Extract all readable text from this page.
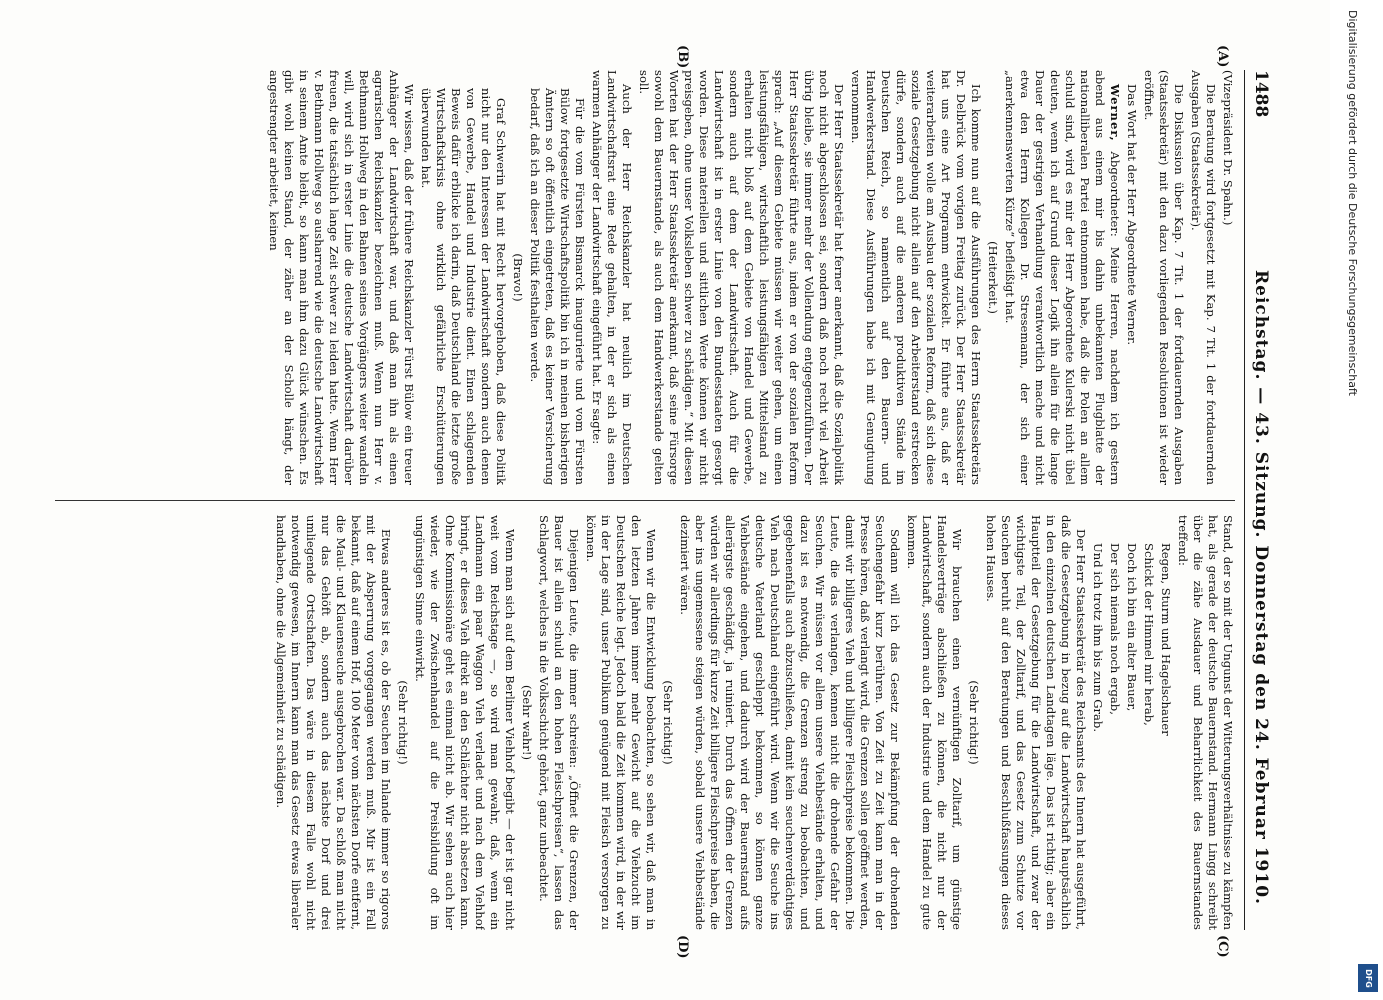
1488
Reichstag. — 43. Sitzung. Donnerstag den 24. Februar 1910.
(A)
(B)
(C)
(D)

(Vizepräsident Dr. Spahn.)

Die Beratung wird fortgesetzt mit Kap. 7 Tit. 1 der fortdauernden Ausgaben (Staatssekretär).

Die Diskussion über Kap. 7 Tit. 1 der fortdauernden Ausgaben (Staatssekretär) mit den dazu vorliegenden Resolutionen ist wieder eröffnet.

Das Wort hat der Herr Abgeordnete Werner.

Werner, Abgeordneter: Meine Herren, nachdem ich gestern abend aus einem mir bis dahin unbekannten Flugblatte der nationalliberalen Partei entnommen habe, daß die Polen an allem schuld sind, wird es mir der Herr Abgeordnete Kulerski nicht übel deuten, wenn ich auf Grund dieser Logik ihn allein für die lange Dauer der gestrigen Verhandlung verantwortlich mache und nicht etwa den Herrn Kollegen Dr. Stresemann, der sich einer „anerkennenswerten Kürze“ befleißigt hat.

(Heiterkeit.)

Ich komme nun auf die Ausführungen des Herrn Staatssekretärs Dr. Delbrück vom vorigen Freitag zurück. Der Herr Staatssekretär hat uns eine Art Programm entwickelt. Er führte aus, daß er weiterarbeiten wolle am Ausbau der sozialen Reform, daß sich diese soziale Gesetzgebung nicht allein auf den Arbeiterstand erstrecken dürfe, sondern auch auf die anderen produktiven Stände im Deutschen Reich, so namentlich auf den Bauern- und Handwerkerstand. Diese Ausführungen habe ich mit Genugtuung vernommen.

Der Herr Staatssekretär hat ferner anerkannt, daß die Sozialpolitik noch nicht abgeschlossen sei, sondern daß noch recht viel Arbeit übrig bleibe, sie immer mehr der Vollendung entgegenzuführen. Der Herr Staatssekretär führte aus, indem er von der sozialen Reform sprach: „Auf diesem Gebiete müssen wir weiter gehen, um einen leistungsfähigen, wirtschaftlich leistungsfähigen Mittelstand zu erhalten nicht bloß auf dem Gebiete von Handel und Gewerbe, sondern auch auf dem der Landwirtschaft. Auch für die Landwirtschaft ist in erster Linie von den Bundesstaaten gesorgt worden. Diese materiellen und sittlichen Werte können wir nicht preisgeben, ohne unser Volksleben schwer zu schädigen.“ Mit diesen Worten hat der Herr Staatssekretär anerkannt, daß seine Fürsorge sowohl dem Bauernstande, als auch dem Handwerkerstande gelten soll.

Auch der Herr Reichskanzler hat neulich im Deutschen Landwirtschaftsrat eine Rede gehalten, in der er sich als einen warmen Anhänger der Landwirtschaft eingeführt hat. Er sagte:

Für die vom Fürsten Bismarck inaugurierte und vom Fürsten Bülow fortgesetzte Wirtschaftspolitik bin ich in meinen bisherigen Ämtern so oft öffentlich eingetreten, daß es keiner Versicherung bedarf, daß ich an dieser Politik festhalten werde.

(Bravo!)

Graf Schwerin hat mit Recht hervorgehoben, daß diese Politik nicht nur den Interessen der Landwirtschaft sondern auch denen von Gewerbe, Handel und Industrie dient. Einen schlagenden Beweis dafür erblicke ich darin, daß Deutschland die letzte große Wirtschaftskrisis ohne wirklich gefährliche Erschütterungen überwunden hat.

Wir wissen, daß der frühere Reichskanzler Fürst Bülow ein treuer Anhänger der Landwirtschaft war, und daß man ihn als einen agrarischen Reichskanzler bezeichnen muß. Wenn nun Herr v. Bethmann Hollweg in den Bahnen seines Vorgängers weiter wandeln will, wird sich in erster Linie die deutsche Landwirtschaft darüber freuen, die tatsächlich lange Zeit schwer zu leiden hatte. Wenn Herr v. Bethmann Hollweg so ausharrend wie die deutsche Landwirtschaft in seinem Amte bleibt, so kann man ihm dazu Glück wünschen. Es gibt wohl keinen Stand, der zäher an der Scholle hängt, der angestrengter arbeitet, keinen

Stand, der so mit der Ungunst der Witterungsverhältnisse zu kämpfen hat, als gerade der deutsche Bauernstand. Hermann Lingg schreibt über die zähe Ausdauer und Beharrlichkeit des Bauernstandes treffend:

Regen, Sturm und Hagelschauer

Schickt der Himmel mir herab,

Doch ich bin ein alter Bauer,

Der sich niemals noch ergab,

Und ich trotz ihm bis zum Grab.

Der Herr Staatssekretär des Reichsamts des Innern hat ausgeführt, daß die Gesetzgebung in bezug auf die Landwirtschaft hauptsächlich in den einzelnen deutschen Landtagen läge. Das ist richtig; aber ein Hauptteil der Gesetzgebung für die Landwirtschaft, und zwar der wichtigste Teil, der Zolltarif, und das Gesetz zum Schutze vor Seuchen beruht auf den Beratungen und Beschlußfassungen dieses hohen Hauses.

(Sehr richtig!)

Wir brauchen einen vernünftigen Zolltarif, um günstige Handelsverträge abschließen zu können, die nicht nur der Landwirtschaft, sondern auch der Industrie und dem Handel zu gute kommen.

Sodann will ich das Gesetz zur Bekämpfung der drohenden Seuchengefahr kurz berühren. Von Zeit zu Zeit kann man in der Presse hören, daß verlangt wird, die Grenzen sollen geöffnet werden, damit wir billigeres Vieh und billigere Fleischpreise bekommen. Die Leute, die das verlangen, kennen nicht die drohende Gefahr der Seuchen. Wir müssen vor allem unsere Viehbestände erhalten, und dazu ist es notwendig, die Grenzen streng zu beobachten, und gegebenenfalls auch abzuschließen, damit kein seuchenverdächtiges Vieh nach Deutschland eingeführt wird. Wenn wir die Seuche ins deutsche Vaterland geschleppt bekommen, so können ganze Viehbestände eingehen, und dadurch wird der Bauernstand aufs allerärgste geschädigt, ja ruiniert. Durch das Öffnen der Grenzen würden wir allerdings für kurze Zeit billigere Fleischpreise haben, die aber ins ungemessene steigen würden, sobald unsere Viehbestände dezimiert wären.

(Sehr richtig!)

Wenn wir die Entwicklung beobachten, so sehen wir, daß man in den letzten Jahren immer mehr Gewicht auf die Viehzucht im Deutschen Reiche legt. Jedoch bald die Zeit kommen wird, in der wir in der Lage sind, unser Publikum genügend mit Fleisch versorgen zu können.

Diejenigen Leute, die immer schreien: „Öffnet die Grenzen, der Bauer ist allein schuld an den hohen Fleischpreisen“, lassen das Schlagwort, welches in die Volksschicht gehört, ganz unbeachtet.

(Sehr wahr!)

Wenn man sich auf dem Berliner Viehhof begibt — der ist gar nicht weit vom Reichstage —, so wird man gewahr, daß, wenn ein Landmann ein paar Waggon Vieh verladet und nach dem Viehhof bringt, er dieses Vieh direkt an den Schlächter nicht absetzen kann. Ohne Kommissionäre geht es einmal nicht ab. Wir sehen auch hier wieder, wie der Zwischenhandel auf die Preisbildung oft im ungünstigen Sinne einwirkt.

(Sehr richtig!)

Etwas anderes ist es, ob der Seuchen im Inlande immer so rigoros mit der Absperrung vorgegangen werden muß. Mir ist ein Fall bekannt, daß auf einem Hof, 100 Meter vom nächsten Dorfe entfernt, die Maul- und Klauenseuche ausgebrochen war. Da schloß man nicht nur das Gehöft ab, sondern auch das nächste Dorf und drei umliegende Ortschaften. Das wäre in diesem Falle wohl nicht notwendig gewesen, im Innern kann man das Gesetz etwas liberaler handhaben, ohne die Allgemeinheit zu schädigen.

Digitalisierung gefördert durch die Deutsche Forschungsgemeinschaft
DFG
